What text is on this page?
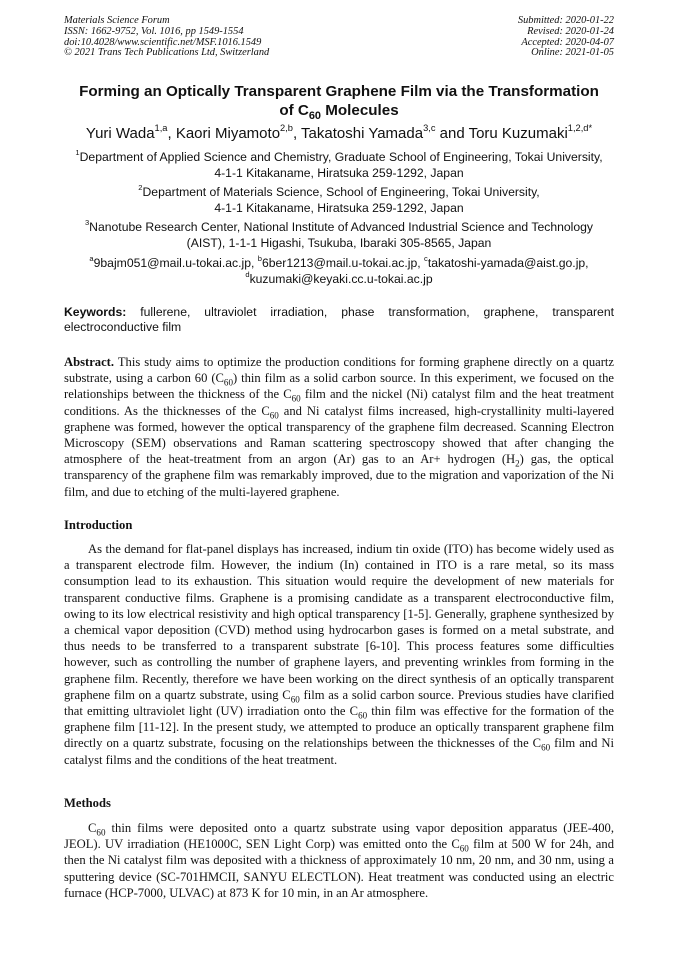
Materials Science Forum
ISSN: 1662-9752, Vol. 1016, pp 1549-1554
doi:10.4028/www.scientific.net/MSF.1016.1549
© 2021 Trans Tech Publications Ltd, Switzerland
Submitted: 2020-01-22
Revised: 2020-01-24
Accepted: 2020-04-07
Online: 2021-01-05
Forming an Optically Transparent Graphene Film via the Transformation
of $C_{60}$ Molecules
Yuri Wada$^{1,a}$, Kaori Miyamoto$^{2,b}$, Takatoshi Yamada$^{3,c}$ and Toru Kuzumaki$^{1,2,d*}$
$^1$Department of Applied Science and Chemistry, Graduate School of Engineering, Tokai University,
4-1-1 Kitakaname, Hiratsuka 259-1292, Japan
$^2$Department of Materials Science, School of Engineering, Tokai University,
4-1-1 Kitakaname, Hiratsuka 259-1292, Japan
$^3$Nanotube Research Center, National Institute of Advanced Industrial Science and Technology
(AIST), 1-1-1 Higashi, Tsukuba, Ibaraki 305-8565, Japan
$^a$9bajm051@mail.u-tokai.ac.jp, $^b$6ber1213@mail.u-tokai.ac.jp, $^c$takatoshi-yamada@aist.go.jp,
$^d$kuzumaki@keyaki.cc.u-tokai.ac.jp
Keywords: fullerene, ultraviolet irradiation, phase transformation, graphene, transparent electroconductive film

Abstract. This study aims to optimize the production conditions for forming graphene directly on a quartz substrate, using a carbon 60 $(C_{60})$ thin film as a solid carbon source. In this experiment, we focused on the relationships between the thickness of the $C_{60}$ film and the nickel (Ni) catalyst film and the heat treatment conditions. As the thicknesses of the $C_{60}$ and Ni catalyst films increased, high-crystallinity multi-layered graphene was formed, however the optical transparency of the graphene film decreased. Scanning Electron Microscopy (SEM) observations and Raman scattering spectroscopy showed that after changing the atmosphere of the heat-treatment from an argon (Ar) gas to an Ar+ hydrogen $(H_2)$ gas, the optical transparency of the graphene film was remarkably improved, due to the migration and vaporization of the Ni film, and due to etching of the multi-layered graphene.

Introduction

As the demand for flat-panel displays has increased, indium tin oxide (ITO) has become widely used as a transparent electrode film. However, the indium (In) contained in ITO is a rare metal, so its mass consumption lead to its exhaustion. This situation would require the development of new materials for transparent conductive films. Graphene is a promising candidate as a transparent electroconductive film, owing to its low electrical resistivity and high optical transparency [1-5]. Generally, graphene synthesized by a chemical vapor deposition (CVD) method using hydrocarbon gases is formed on a metal substrate, and thus needs to be transferred to a transparent substrate [6-10]. This process features some difficulties however, such as controlling the number of graphene layers, and preventing wrinkles from forming in the graphene film. Recently, therefore we have been working on the direct synthesis of an optically transparent graphene film on a quartz substrate, using $C_{60}$ film as a solid carbon source. Previous studies have clarified that emitting ultraviolet light (UV) irradiation onto the $C_{60}$ thin film was effective for the formation of the graphene film [11-12]. In the present study, we attempted to produce an optically transparent graphene film directly on a quartz substrate, focusing on the relationships between the thicknesses of the $C_{60}$ film and Ni catalyst films and the conditions of the heat treatment.

Methods

$C_{60}$ thin films were deposited onto a quartz substrate using vapor deposition apparatus (JEE-400, JEOL). UV irradiation (HE1000C, SEN Light Corp) was emitted onto the $C_{60}$ film at 500 W for 24h, and then the Ni catalyst film was deposited with a thickness of approximately 10 nm, 20 nm, and 30 nm, using a sputtering device (SC-701HMCII, SANYU ELECTLON). Heat treatment was conducted using an electric furnace (HCP-7000, ULVAC) at 873 K for 10 min, in an Ar atmosphere.
